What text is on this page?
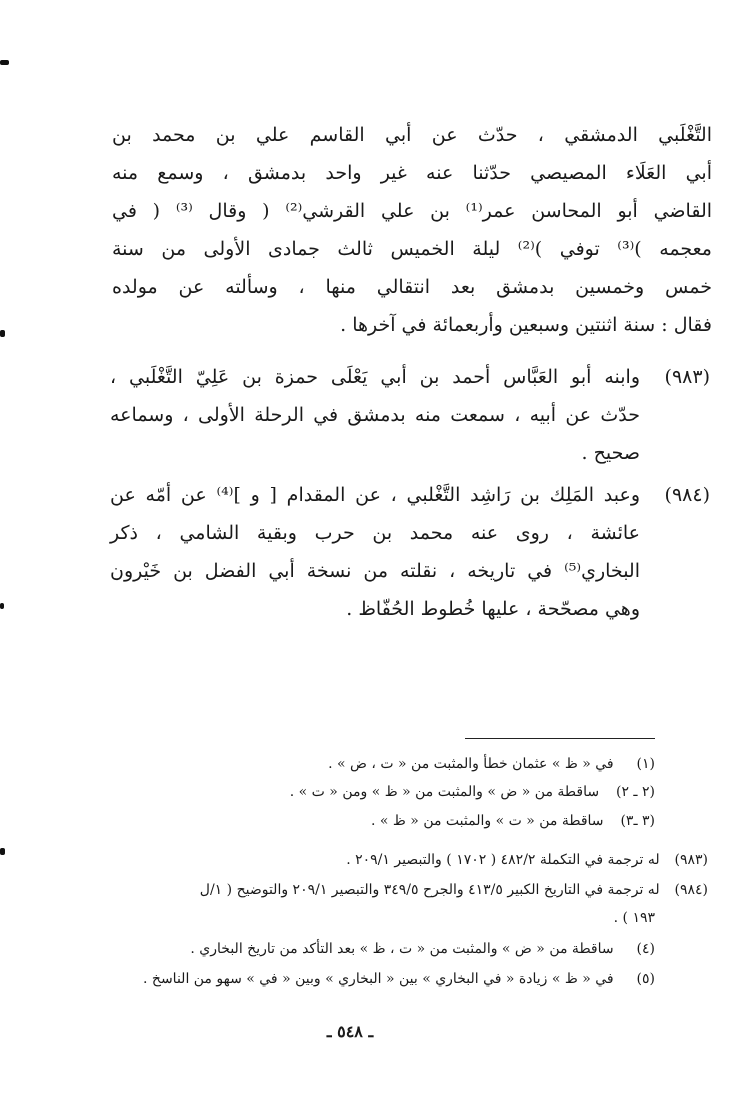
التَّغْلَبي الدمشقي ، حدّث عن أبي القاسم علي بن محمد بن
أبي العَلَاء المصيصي حدّثنا عنه غير واحد بدمشق ، وسمع منه
القاضي أبو المحاسن عمر⁽¹⁾ بن علي القرشي⁽²⁾ ( وقال ⁽³⁾ ( في
معجمه )⁽³⁾ توفي )⁽²⁾ ليلة الخميس ثالث جمادى الأولى من سنة
خمس وخمسين بدمشق بعد انتقالي منها ، وسألته عن مولده
فقال : سنة اثنتين وسبعين وأربعمائة في آخرها .
(٩٨٣)
وابنه أبو العَبَّاس أحمد بن أبي يَعْلَى حمزة بن عَلِيّ التَّغْلَبي ،
حدّث عن أبيه ، سمعت منه بدمشق في الرحلة الأولى ، وسماعه
صحيح .
(٩٨٤)
وعبد المَلِك بن رَاشِد التَّغْلبي ، عن المقدام [ و ]⁽⁴⁾ عن أمّه عن
عائشة ، روى عنه محمد بن حرب وبقية الشامي ، ذكر
البخاري⁽⁵⁾ في تاريخه ، نقلته من نسخة أبي الفضل بن خَيْرون
وهي مصحّحة ، عليها خُطوط الحُفّاظ .
(١)  في « ظ » عثمان خطأ والمثبت من « ت ، ض » .
(٢ ـ ٢)  ساقطة من « ض » والمثبت من « ظ » ومن « ت » .
(٣ ـ٣)  ساقطة من « ت » والمثبت من « ظ » .
(٩٨٣)  له ترجمة في التكملة ٤٨٢/٢ ( ١٧٠٢ ) والتبصير ٢٠٩/١ .
(٩٨٤)  له ترجمة في التاريخ الكبير ٤١٣/٥ والجرح ٣٤٩/٥ والتبصير ٢٠٩/١ والتوضيح ( ١/ل
١٩٣ ) .
(٤)  ساقطة من « ض » والمثبت من « ت ، ظ » بعد التأكد من تاريخ البخاري .
(٥)  في « ظ » زيادة « في البخاري » بين « البخاري » وبين « في » سهو من الناسخ .
ـ ٥٤٨ ـ
